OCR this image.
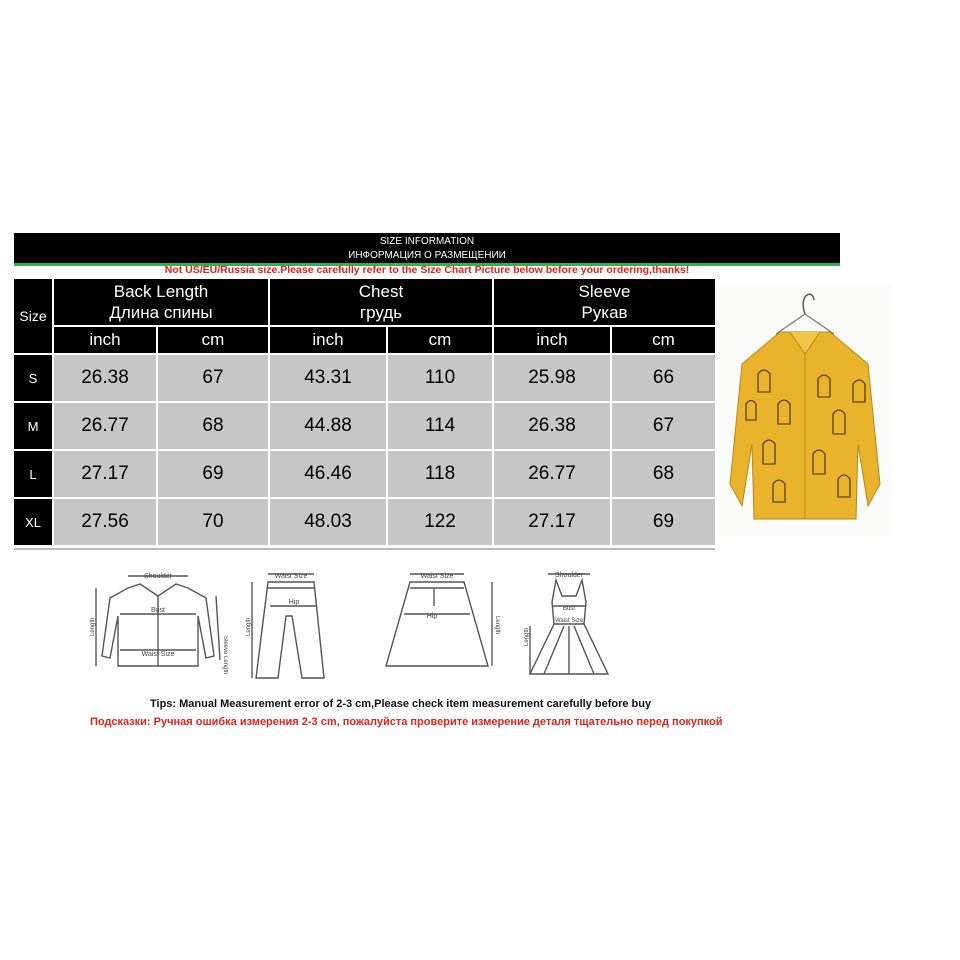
SIZE INFORMATION
ИНФОРМАЦИЯ О РАЗМЕЩЕНИИ
Not US/EU/Russia size.Please carefully refer to the Size Chart Picture below before your ordering,thanks!
Size
Back Length
Длина спины
Chest
грудь
Sleeve
Рукав
inch	cm	inch	cm	inch	cm
S	26.38	67	43.31	110	25.98	66
M	26.77	68	44.88	114	26.38	67
L	27.17	69	46.46	118	26.77	68
XL	27.56	70	48.03	122	27.17	69
Shoulder
Bust
Waist Size
Length
Sleeve Length
Waist Size
Hip
Length
Waist Size
Hip	Length
Shoulder
Bust
Waist Size
Length
Tips: Manual Measurement error of 2-3 cm,Please check item measurement carefully before buy
Подсказки: Ручная ошибка измерения 2-3 cm, пожалуйста проверите измерение деталя тщательно перед покупкой
